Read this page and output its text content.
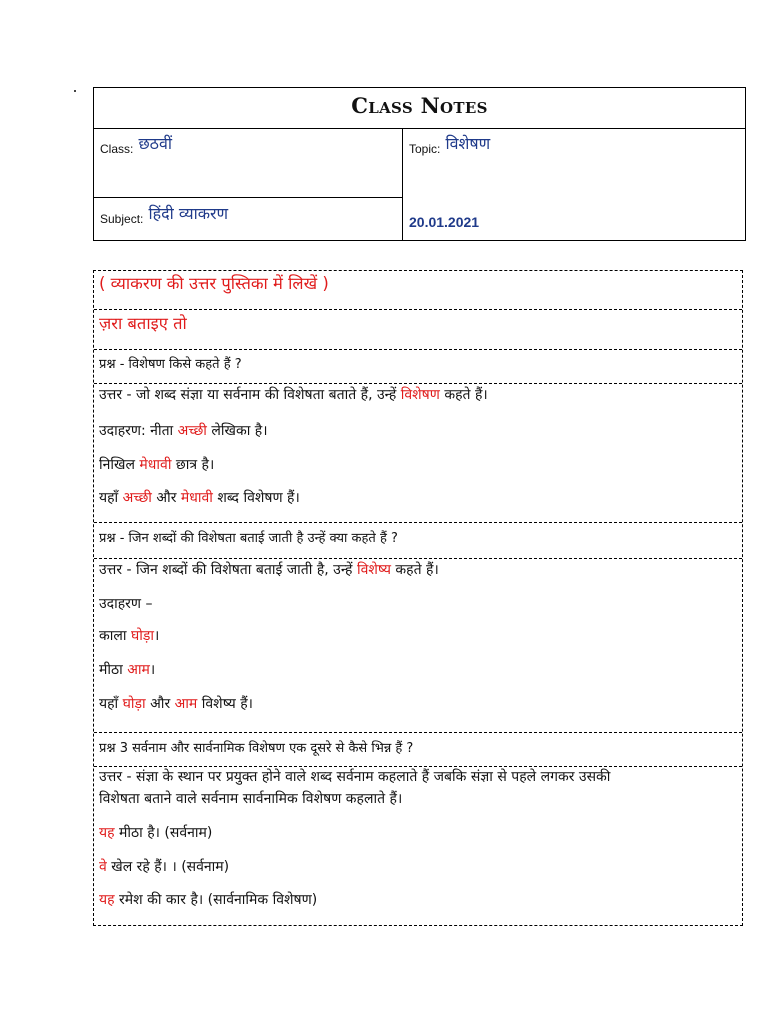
Class Notes
$_{Class:}$ छठवीं	$_{Topic:}$ विशेषण
$_{Subject:}$ हिंदी व्याकरण	20.01.2021
( व्याकरण की उत्तर पुस्तिका में लिखें )
ज़रा बताइए तो
प्रश्न - विशेषण किसे कहते हैं ?
उत्तर - जो शब्द संज्ञा या सर्वनाम की विशेषता बताते हैं, उन्हें विशेषण कहते हैं।
उदाहरण: नीता अच्छी लेखिका है।
निखिल मेधावी छात्र है।
यहाँ अच्छी और मेधावी शब्द विशेषण हैं।
प्रश्न - जिन शब्दों की विशेषता बताई जाती है उन्हें क्या कहते हैं ?
उत्तर - जिन शब्दों की विशेषता बताई जाती है, उन्हें विशेष्य कहते हैं।
उदाहरण –
काला घोड़ा।
मीठा आम।
यहाँ घोड़ा और आम विशेष्य हैं।
प्रश्न 3 सर्वनाम और सार्वनामिक विशेषण एक दूसरे से कैसे भिन्न हैं ?
उत्तर - संज्ञा के स्थान पर प्रयुक्त होने वाले शब्द सर्वनाम कहलाते हैं जबकि संज्ञा से पहले लगकर उसकी
विशेषता बताने वाले सर्वनाम सार्वनामिक विशेषण कहलाते हैं।
यह मीठा है। (सर्वनाम)
वे खेल रहे हैं। । (सर्वनाम)
यह रमेश की कार है। (सार्वनामिक विशेषण)
